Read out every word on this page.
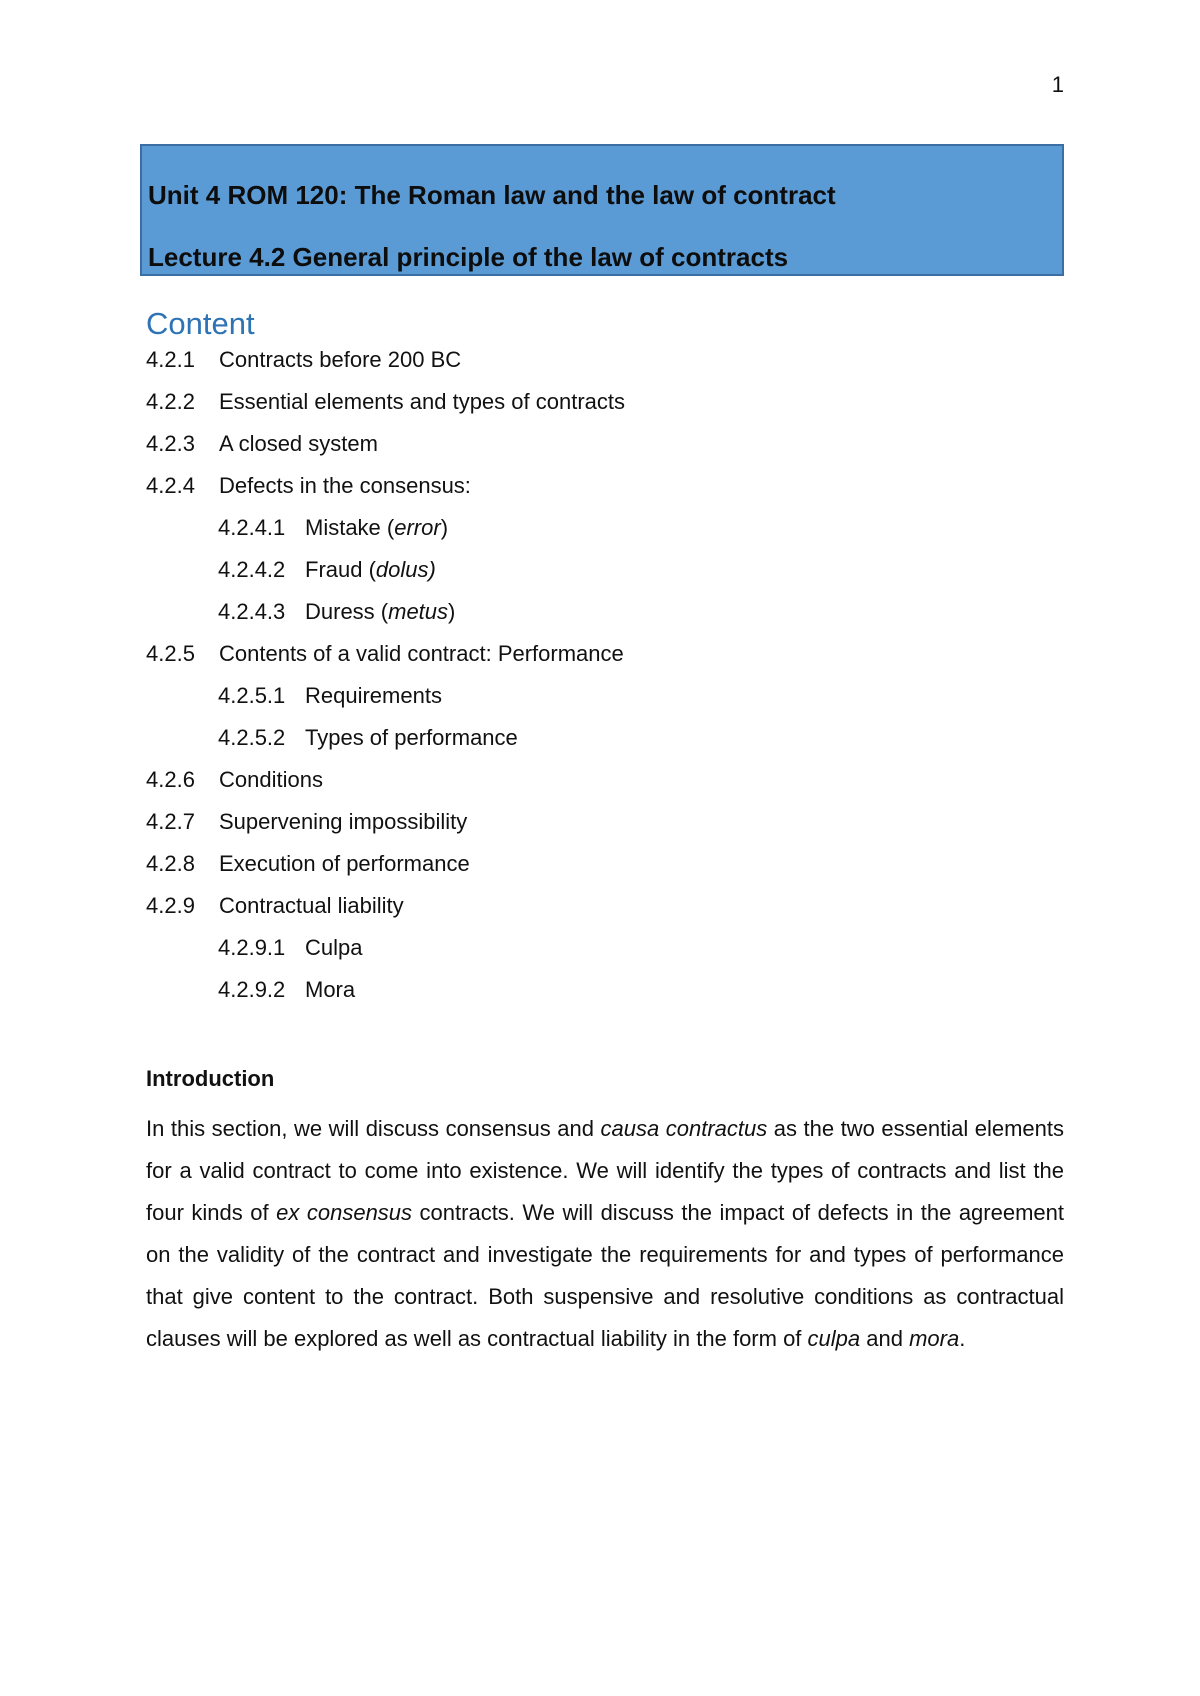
1
Unit 4 ROM 120: The Roman law and the law of contract
Lecture 4.2 General principle of the law of contracts
Content
4.2.1	Contracts before 200 BC
4.2.2	Essential elements and types of contracts
4.2.3	A closed system
4.2.4	Defects in the consensus:
4.2.4.1 Mistake ( error )
4.2.4.2 Fraud ( dolus)
4.2.4.3 Duress ( metus )
4.2.5	Contents of a valid contract: Performance
4.2.5.1 Requirements
4.2.5.2 Types of performance
4.2.6	Conditions
4.2.7	Supervening impossibility
4.2.8	Execution of performance
4.2.9	Contractual liability
4.2.9.1 Culpa
4.2.9.2 Mora
Introduction

In this section, we will discuss consensus and causa contractus as the two essential elements for a valid contract to come into existence. We will identify the types of contracts and list the four kinds of ex consensus contracts. We will discuss the impact of defects in the agreement on the validity of the contract and investigate the requirements for and types of performance that give content to the contract. Both suspensive and resolutive conditions as contractual clauses will be explored as well as contractual liability in the form of culpa and mora.
